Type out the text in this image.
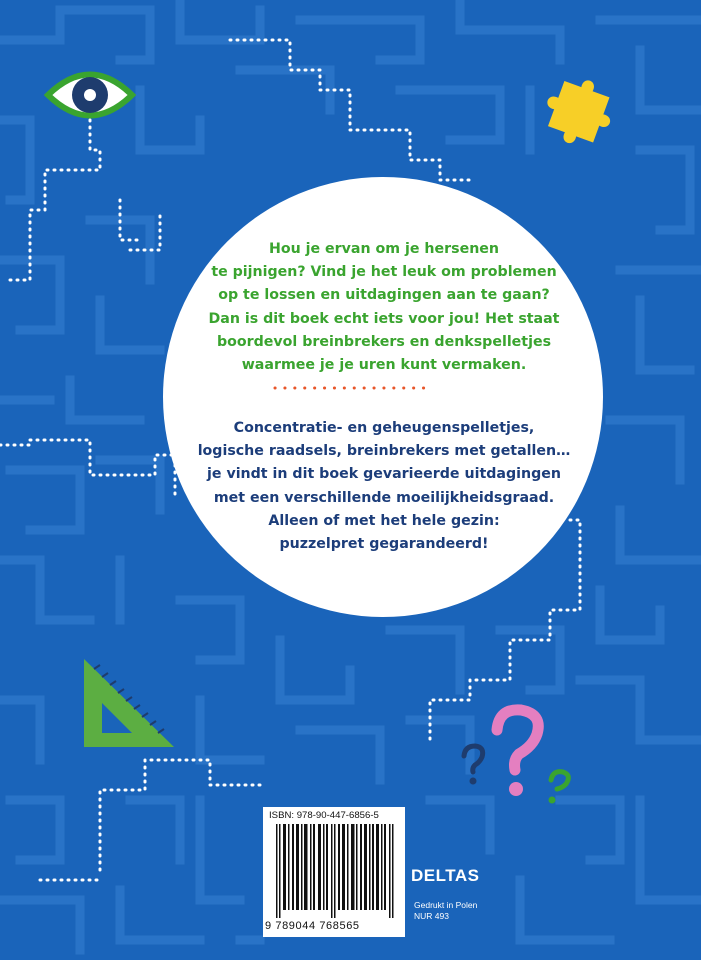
Hou je ervan om je hersenen
te pijnigen? Vind je het leuk om problemen
op te lossen en uitdagingen aan te gaan?
Dan is dit boek echt iets voor jou! Het staat
boordevol breinbrekers en denkspelletjes
waarmee je je uren kunt vermaken.

Concentratie- en geheugenspelletjes,
logische raadsels, breinbrekers met getallen…
je vindt in dit boek gevarieerde uitdagingen
met een verschillende moeilijkheidsgraad.
Alleen of met het hele gezin:
puzzelpret gegarandeerd!

ISBN: 978-90-447-6856-5
9 789044 768565
DELTAS
Gedrukt in Polen
NUR 493
